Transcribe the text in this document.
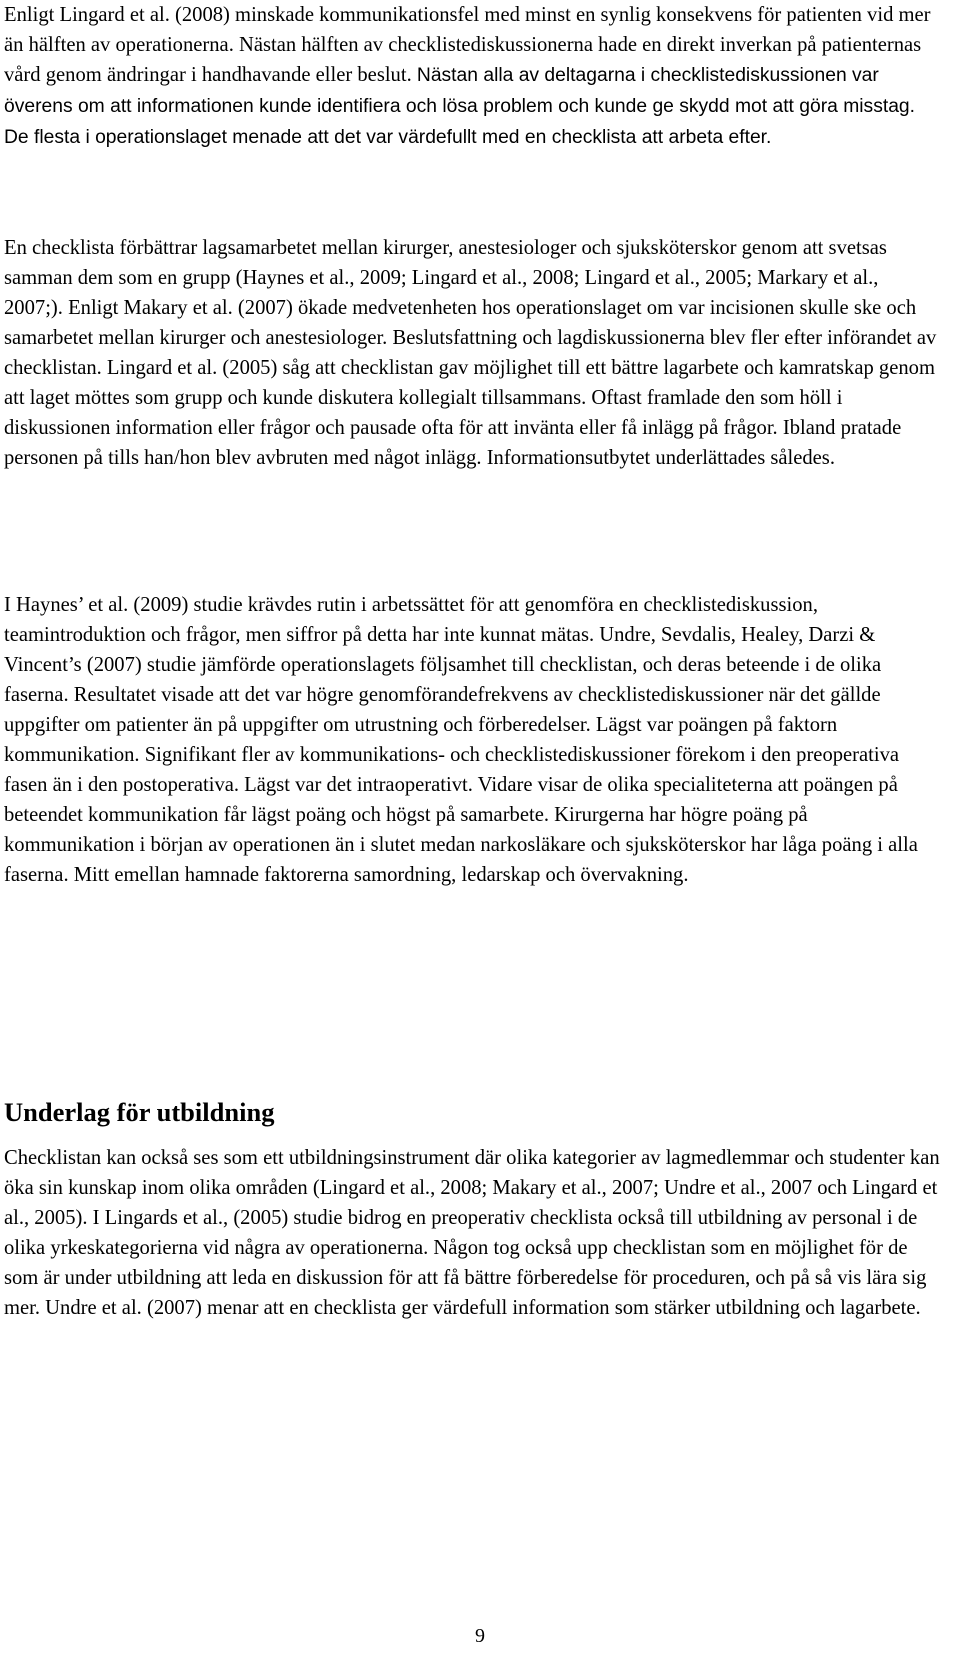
Enligt Lingard et al. (2008) minskade kommunikationsfel med minst en synlig konsekvens för patienten vid mer än hälften av operationerna. Nästan hälften av checklistediskussionerna hade en direkt inverkan på patienternas vård genom ändringar i handhavande eller beslut. Nästan alla av deltagarna i checklistediskussionen var överens om att informationen kunde identifiera och lösa problem och kunde ge skydd mot att göra misstag. De flesta i operationslaget menade att det var värdefullt med en checklista att arbeta efter.

En checklista förbättrar lagsamarbetet mellan kirurger, anestesiologer och sjuksköterskor genom att svetsas samman dem som en grupp (Haynes et al., 2009; Lingard et al., 2008; Lingard et al., 2005; Markary et al., 2007;). Enligt Makary et al. (2007) ökade medvetenheten hos operationslaget om var incisionen skulle ske och samarbetet mellan kirurger och anestesiologer. Beslutsfattning och lagdiskussionerna blev fler efter införandet av checklistan. Lingard et al. (2005) såg att checklistan gav möjlighet till ett bättre lagarbete och kamratskap genom att laget möttes som grupp och kunde diskutera kollegialt tillsammans. Oftast framlade den som höll i diskussionen information eller frågor och pausade ofta för att invänta eller få inlägg på frågor. Ibland pratade personen på tills han/hon blev avbruten med något inlägg. Informationsutbytet underlättades således.

I Haynes’ et al. (2009) studie krävdes rutin i arbetssättet för att genomföra en checklistediskussion, teamintroduktion och frågor, men siffror på detta har inte kunnat mätas. Undre, Sevdalis, Healey, Darzi & Vincent’s (2007) studie jämförde operationslagets följsamhet till checklistan, och deras beteende i de olika faserna. Resultatet visade att det var högre genomförandefrekvens av checklistediskussioner när det gällde uppgifter om patienter än på uppgifter om utrustning och förberedelser. Lägst var poängen på faktorn kommunikation. Signifikant fler av kommunikations- och checklistediskussioner förekom i den preoperativa fasen än i den postoperativa. Lägst var det intraoperativt. Vidare visar de olika specialiteterna att poängen på beteendet kommunikation får lägst poäng och högst på samarbete. Kirurgerna har högre poäng på kommunikation i början av operationen än i slutet medan narkosläkare och sjuksköterskor har låga poäng i alla faserna. Mitt emellan hamnade faktorerna samordning, ledarskap och övervakning.

Underlag för utbildning

Checklistan kan också ses som ett utbildningsinstrument där olika kategorier av lagmedlemmar och studenter kan öka sin kunskap inom olika områden (Lingard et al., 2008; Makary et al., 2007; Undre et al., 2007 och Lingard et al., 2005). I Lingards et al., (2005) studie bidrog en preoperativ checklista också till utbildning av personal i de olika yrkeskategorierna vid några av operationerna. Någon tog också upp checklistan som en möjlighet för de som är under utbildning att leda en diskussion för att få bättre förberedelse för proceduren, och på så vis lära sig mer. Undre et al. (2007) menar att en checklista ger värdefull information som stärker utbildning och lagarbete.

9
